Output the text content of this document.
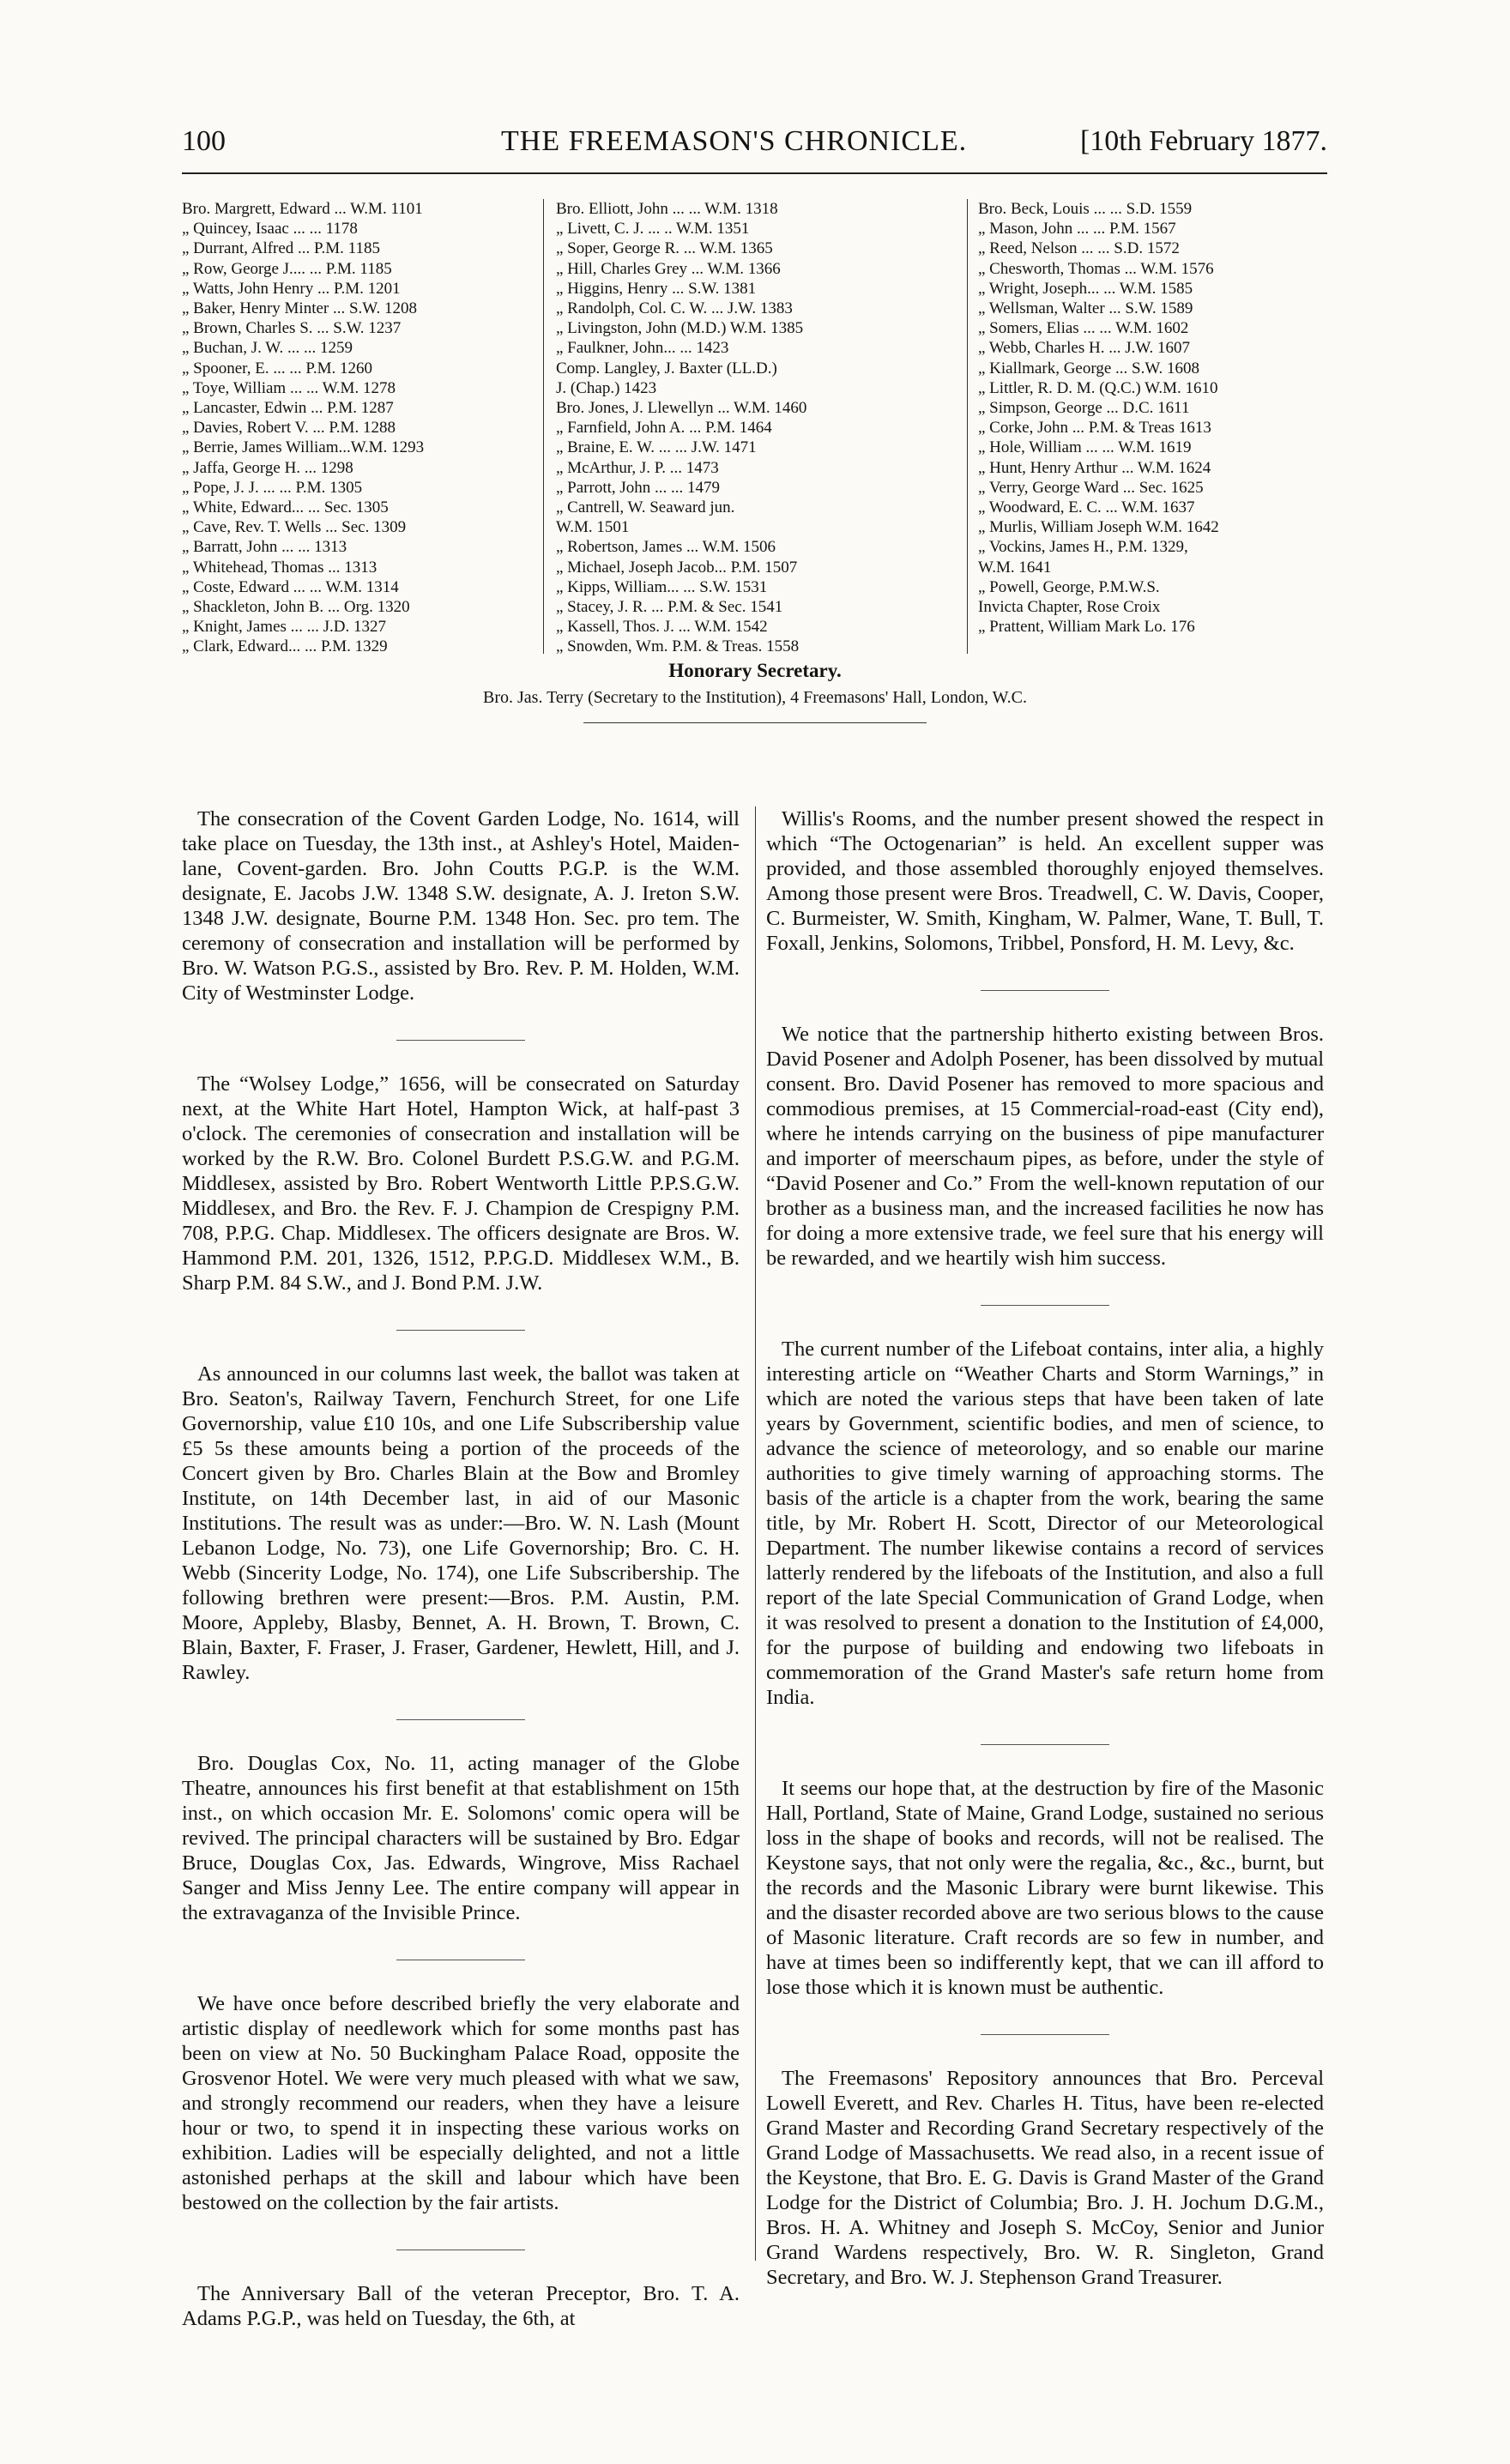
100	THE FREEMASON'S CHRONICLE.	[10th February 1877.
Bro. Margrett, Edward ... W.M. 1101
„ Quincey, Isaac ... ... 1178
„ Durrant, Alfred ... P.M. 1185
„ Row, George J.... ... P.M. 1185
„ Watts, John Henry ... P.M. 1201
„ Baker, Henry Minter ... S.W. 1208
„ Brown, Charles S. ... S.W. 1237
„ Buchan, J. W. ... ... 1259
„ Spooner, E. ... ... P.M. 1260
„ Toye, William ... ... W.M. 1278
„ Lancaster, Edwin ... P.M. 1287
„ Davies, Robert V. ... P.M. 1288
„ Berrie, James William...W.M. 1293
„ Jaffa, George H. ... 1298
„ Pope, J. J. ... ... P.M. 1305
„ White, Edward... ... Sec. 1305
„ Cave, Rev. T. Wells ... Sec. 1309
„ Barratt, John ... ... 1313
„ Whitehead, Thomas ... 1313
„ Coste, Edward ... ... W.M. 1314
„ Shackleton, John B. ... Org. 1320
„ Knight, James ... ... J.D. 1327
„ Clark, Edward... ... P.M. 1329
Bro. Elliott, John ... ... W.M. 1318
„ Livett, C. J. ... .. W.M. 1351
„ Soper, George R. ... W.M. 1365
„ Hill, Charles Grey ... W.M. 1366
„ Higgins, Henry ... S.W. 1381
„ Randolph, Col. C. W. ... J.W. 1383
„ Livingston, John (M.D.) W.M. 1385
„ Faulkner, John... ... 1423
Comp. Langley, J. Baxter (LL.D.)
J. (Chap.) 1423
Bro. Jones, J. Llewellyn ... W.M. 1460
„ Farnfield, John A. ... P.M. 1464
„ Braine, E. W. ... ... J.W. 1471
„ McArthur, J. P. ... 1473
„ Parrott, John ... ... 1479
„ Cantrell, W. Seaward jun.
W.M. 1501
„ Robertson, James ... W.M. 1506
„ Michael, Joseph Jacob... P.M. 1507
„ Kipps, William... ... S.W. 1531
„ Stacey, J. R. ... P.M. & Sec. 1541
„ Kassell, Thos. J. ... W.M. 1542
„ Snowden, Wm. P.M. & Treas. 1558
Bro. Beck, Louis ... ... S.D. 1559
„ Mason, John ... ... P.M. 1567
„ Reed, Nelson ... ... S.D. 1572
„ Chesworth, Thomas ... W.M. 1576
„ Wright, Joseph... ... W.M. 1585
„ Wellsman, Walter ... S.W. 1589
„ Somers, Elias ... ... W.M. 1602
„ Webb, Charles H. ... J.W. 1607
„ Kiallmark, George ... S.W. 1608
„ Littler, R. D. M. (Q.C.) W.M. 1610
„ Simpson, George ... D.C. 1611
„ Corke, John ... P.M. & Treas 1613
„ Hole, William ... ... W.M. 1619
„ Hunt, Henry Arthur ... W.M. 1624
„ Verry, George Ward ... Sec. 1625
„ Woodward, E. C. ... W.M. 1637
„ Murlis, William Joseph W.M. 1642
„ Vockins, James H., P.M. 1329,
W.M. 1641
„ Powell, George, P.M.W.S.
Invicta Chapter, Rose Croix
„ Prattent, William Mark Lo. 176
Honorary Secretary.
Bro. Jas. Terry (Secretary to the Institution), 4 Freemasons' Hall, London, W.C.

The consecration of the Covent Garden Lodge, No. 1614, will take place on Tuesday, the 13th inst., at Ashley's Hotel, Maiden-lane, Covent-garden. Bro. John Coutts P.G.P. is the W.M. designate, E. Jacobs J.W. 1348 S.W. designate, A. J. Ireton S.W. 1348 J.W. designate, Bourne P.M. 1348 Hon. Sec. pro tem. The ceremony of consecration and installation will be performed by Bro. W. Watson P.G.S., assisted by Bro. Rev. P. M. Holden, W.M. City of Westminster Lodge.

The “Wolsey Lodge,” 1656, will be consecrated on Saturday next, at the White Hart Hotel, Hampton Wick, at half-past 3 o'clock. The ceremonies of consecration and installation will be worked by the R.W. Bro. Colonel Burdett P.S.G.W. and P.G.M. Middlesex, assisted by Bro. Robert Wentworth Little P.P.S.G.W. Middlesex, and Bro. the Rev. F. J. Champion de Crespigny P.M. 708, P.P.G. Chap. Middlesex. The officers designate are Bros. W. Hammond P.M. 201, 1326, 1512, P.P.G.D. Middlesex W.M., B. Sharp P.M. 84 S.W., and J. Bond P.M. J.W.

As announced in our columns last week, the ballot was taken at Bro. Seaton's, Railway Tavern, Fenchurch Street, for one Life Governorship, value £10 10s, and one Life Subscribership value £5 5s these amounts being a portion of the proceeds of the Concert given by Bro. Charles Blain at the Bow and Bromley Institute, on 14th December last, in aid of our Masonic Institutions. The result was as under:—Bro. W. N. Lash (Mount Lebanon Lodge, No. 73), one Life Governorship; Bro. C. H. Webb (Sincerity Lodge, No. 174), one Life Subscribership. The following brethren were present:—Bros. P.M. Austin, P.M. Moore, Appleby, Blasby, Bennet, A. H. Brown, T. Brown, C. Blain, Baxter, F. Fraser, J. Fraser, Gardener, Hewlett, Hill, and J. Rawley.

Bro. Douglas Cox, No. 11, acting manager of the Globe Theatre, announces his first benefit at that establishment on 15th inst., on which occasion Mr. E. Solomons' comic opera will be revived. The principal characters will be sustained by Bro. Edgar Bruce, Douglas Cox, Jas. Edwards, Wingrove, Miss Rachael Sanger and Miss Jenny Lee. The entire company will appear in the extravaganza of the Invisible Prince.

We have once before described briefly the very elaborate and artistic display of needlework which for some months past has been on view at No. 50 Buckingham Palace Road, opposite the Grosvenor Hotel. We were very much pleased with what we saw, and strongly recommend our readers, when they have a leisure hour or two, to spend it in inspecting these various works on exhibition. Ladies will be especially delighted, and not a little astonished perhaps at the skill and labour which have been bestowed on the collection by the fair artists.

The Anniversary Ball of the veteran Preceptor, Bro. T. A. Adams P.G.P., was held on Tuesday, the 6th, at

Willis's Rooms, and the number present showed the respect in which “The Octogenarian” is held. An excellent supper was provided, and those assembled thoroughly enjoyed themselves. Among those present were Bros. Treadwell, C. W. Davis, Cooper, C. Burmeister, W. Smith, Kingham, W. Palmer, Wane, T. Bull, T. Foxall, Jenkins, Solomons, Tribbel, Ponsford, H. M. Levy, &c.

We notice that the partnership hitherto existing between Bros. David Posener and Adolph Posener, has been dissolved by mutual consent. Bro. David Posener has removed to more spacious and commodious premises, at 15 Commercial-road-east (City end), where he intends carrying on the business of pipe manufacturer and importer of meerschaum pipes, as before, under the style of “David Posener and Co.” From the well-known reputation of our brother as a business man, and the increased facilities he now has for doing a more extensive trade, we feel sure that his energy will be rewarded, and we heartily wish him success.

The current number of the Lifeboat contains, inter alia, a highly interesting article on “Weather Charts and Storm Warnings,” in which are noted the various steps that have been taken of late years by Government, scientific bodies, and men of science, to advance the science of meteorology, and so enable our marine authorities to give timely warning of approaching storms. The basis of the article is a chapter from the work, bearing the same title, by Mr. Robert H. Scott, Director of our Meteorological Department. The number likewise contains a record of services latterly rendered by the lifeboats of the Institution, and also a full report of the late Special Communication of Grand Lodge, when it was resolved to present a donation to the Institution of £4,000, for the purpose of building and endowing two lifeboats in commemoration of the Grand Master's safe return home from India.

It seems our hope that, at the destruction by fire of the Masonic Hall, Portland, State of Maine, Grand Lodge, sustained no serious loss in the shape of books and records, will not be realised. The Keystone says, that not only were the regalia, &c., &c., burnt, but the records and the Masonic Library were burnt likewise. This and the disaster recorded above are two serious blows to the cause of Masonic literature. Craft records are so few in number, and have at times been so indifferently kept, that we can ill afford to lose those which it is known must be authentic.

The Freemasons' Repository announces that Bro. Perceval Lowell Everett, and Rev. Charles H. Titus, have been re-elected Grand Master and Recording Grand Secretary respectively of the Grand Lodge of Massachusetts. We read also, in a recent issue of the Keystone, that Bro. E. G. Davis is Grand Master of the Grand Lodge for the District of Columbia; Bro. J. H. Jochum D.G.M., Bros. H. A. Whitney and Joseph S. McCoy, Senior and Junior Grand Wardens respectively, Bro. W. R. Singleton, Grand Secretary, and Bro. W. J. Stephenson Grand Treasurer.
